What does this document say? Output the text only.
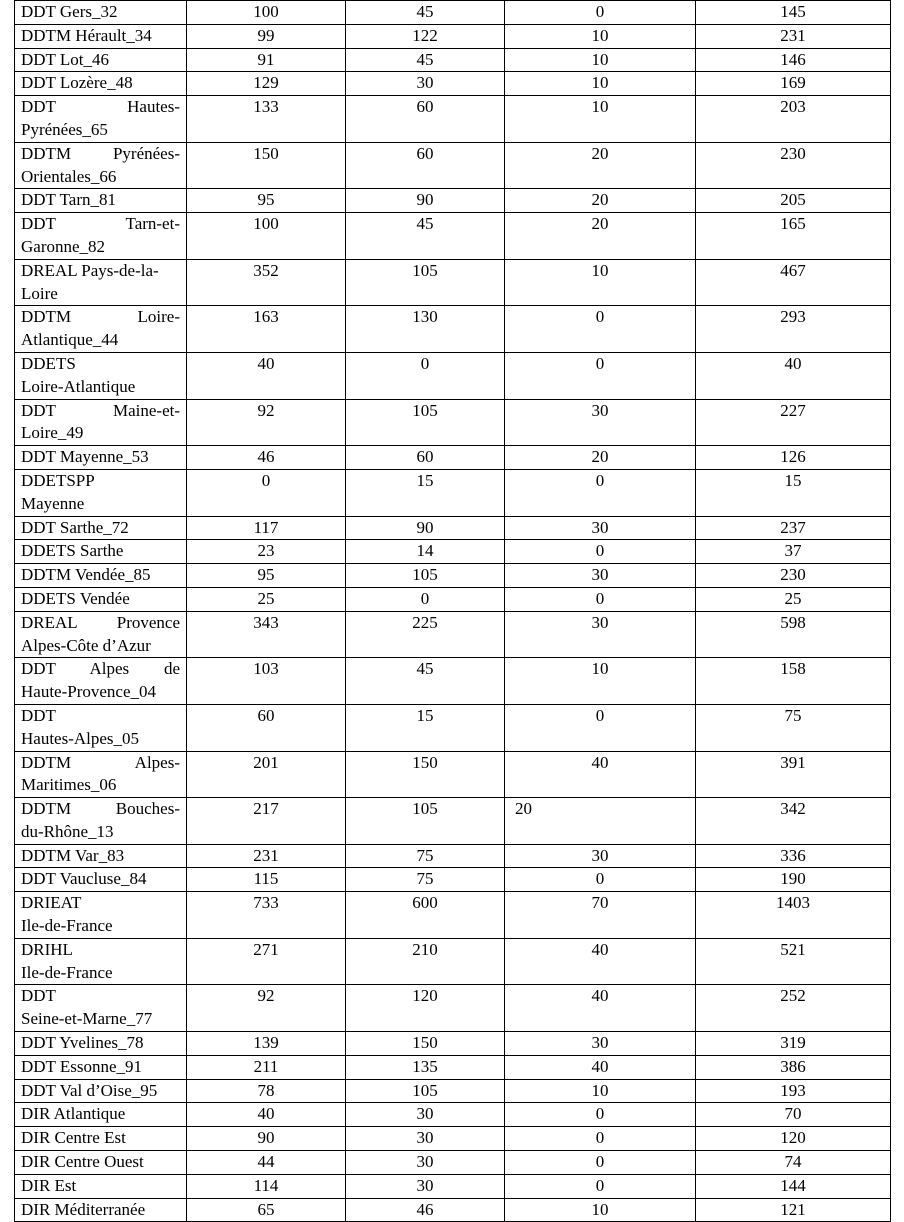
DDT Gers_32	100	45	0	145
DDTM Hérault_34	99	122	10	231
DDT Lot_46	91	45	10	146
DDT Lozère_48	129	30	10	169
DDT Hautes-
Pyrénées_65	133	60	10	203
DDTM Pyrénées-
Orientales_66	150	60	20	230
DDT Tarn_81	95	90	20	205
DDT Tarn-et-
Garonne_82	100	45	20	165
DREAL Pays-de-la-
Loire	352	105	10	467
DDTM Loire-
Atlantique_44	163	130	0	293
DDETS
Loire-Atlantique	40	0	0	40
DDT Maine-et-
Loire_49	92	105	30	227
DDT Mayenne_53	46	60	20	126
DDETSPP
Mayenne	0	15	0	15
DDT Sarthe_72	117	90	30	237
DDETS Sarthe	23	14	0	37
DDTM Vendée_85	95	105	30	230
DDETS Vendée	25	0	0	25
DREAL Provence
Alpes-Côte d’Azur	343	225	30	598
DDT Alpes de
Haute-Provence_04	103	45	10	158
DDT
Hautes-Alpes_05	60	15	0	75
DDTM Alpes-
Maritimes_06	201	150	40	391
DDTM Bouches-
du-Rhône_13	217	105	20	342
DDTM Var_83	231	75	30	336
DDT Vaucluse_84	115	75	0	190
DRIEAT
Ile-de-France	733	600	70	1403
DRIHL
Ile-de-France	271	210	40	521
DDT
Seine-et-Marne_77	92	120	40	252
DDT Yvelines_78	139	150	30	319
DDT Essonne_91	211	135	40	386
DDT Val d’Oise_95	78	105	10	193
DIR Atlantique	40	30	0	70
DIR Centre Est	90	30	0	120
DIR Centre Ouest	44	30	0	74
DIR Est	114	30	0	144
DIR Méditerranée	65	46	10	121
